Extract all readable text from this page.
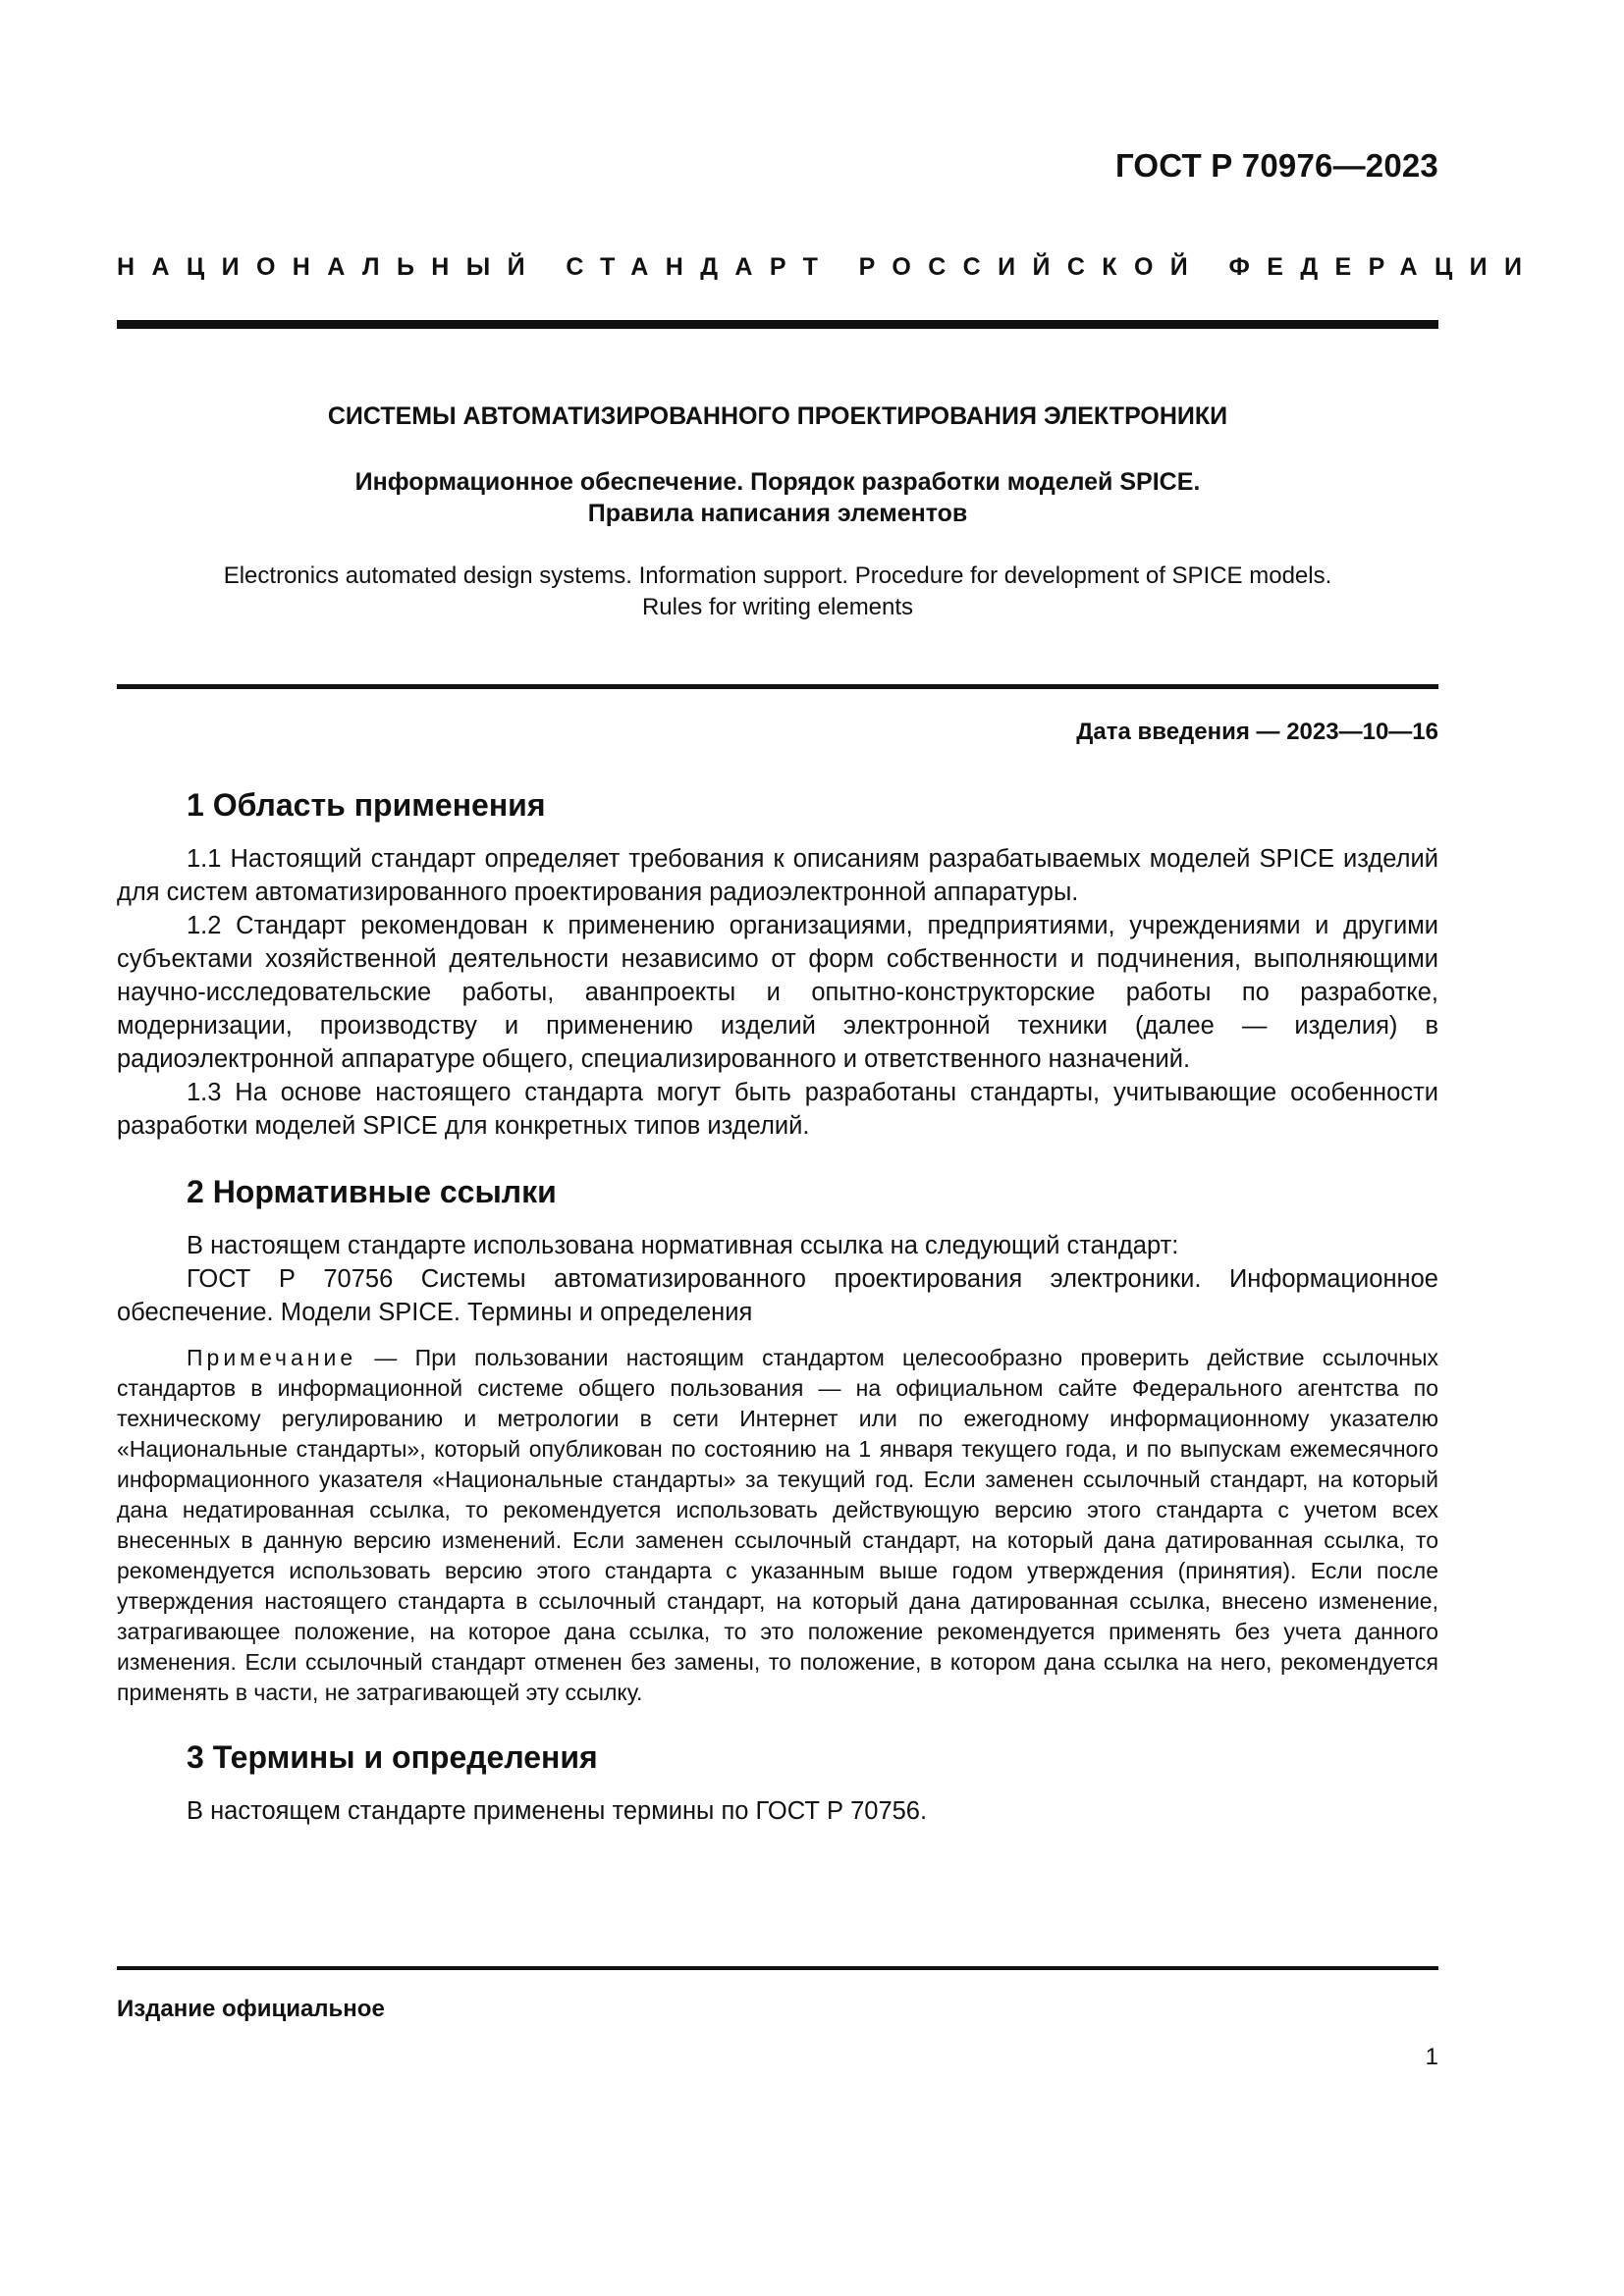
ГОСТ Р 70976—2023
НАЦИОНАЛЬНЫЙ СТАНДАРТ РОССИЙСКОЙ ФЕДЕРАЦИИ
СИСТЕМЫ АВТОМАТИЗИРОВАННОГО ПРОЕКТИРОВАНИЯ ЭЛЕКТРОНИКИ
Информационное обеспечение. Порядок разработки моделей SPICE.
Правила написания элементов
Electronics automated design systems. Information support. Procedure for development of SPICE models.
Rules for writing elements
Дата введения — 2023—10—16
1 Область применения

1.1 Настоящий стандарт определяет требования к описаниям разрабатываемых моделей SPICE изделий для систем автоматизированного проектирования радиоэлектронной аппаратуры.

1.2 Стандарт рекомендован к применению организациями, предприятиями, учреждениями и другими субъектами хозяйственной деятельности независимо от форм собственности и подчинения, выполняющими научно-исследовательские работы, аванпроекты и опытно-конструкторские работы по разработке, модернизации, производству и применению изделий электронной техники (далее — изделия) в радиоэлектронной аппаратуре общего, специализированного и ответственного назначений.

1.3 На основе настоящего стандарта могут быть разработаны стандарты, учитывающие особенности разработки моделей SPICE для конкретных типов изделий.

2 Нормативные ссылки

В настоящем стандарте использована нормативная ссылка на следующий стандарт:

ГОСТ Р 70756 Системы автоматизированного проектирования электроники. Информационное обеспечение. Модели SPICE. Термины и определения

Примечание — При пользовании настоящим стандартом целесообразно проверить действие ссылочных стандартов в информационной системе общего пользования — на официальном сайте Федерального агентства по техническому регулированию и метрологии в сети Интернет или по ежегодному информационному указателю «Национальные стандарты», который опубликован по состоянию на 1 января текущего года, и по выпускам ежемесячного информационного указателя «Национальные стандарты» за текущий год. Если заменен ссылочный стандарт, на который дана недатированная ссылка, то рекомендуется использовать действующую версию этого стандарта с учетом всех внесенных в данную версию изменений. Если заменен ссылочный стандарт, на который дана датированная ссылка, то рекомендуется использовать версию этого стандарта с указанным выше годом утверждения (принятия). Если после утверждения настоящего стандарта в ссылочный стандарт, на который дана датированная ссылка, внесено изменение, затрагивающее положение, на которое дана ссылка, то это положение рекомендуется применять без учета данного изменения. Если ссылочный стандарт отменен без замены, то положение, в котором дана ссылка на него, рекомендуется применять в части, не затрагивающей эту ссылку.

3 Термины и определения

В настоящем стандарте применены термины по ГОСТ Р 70756.

Издание официальное
1
